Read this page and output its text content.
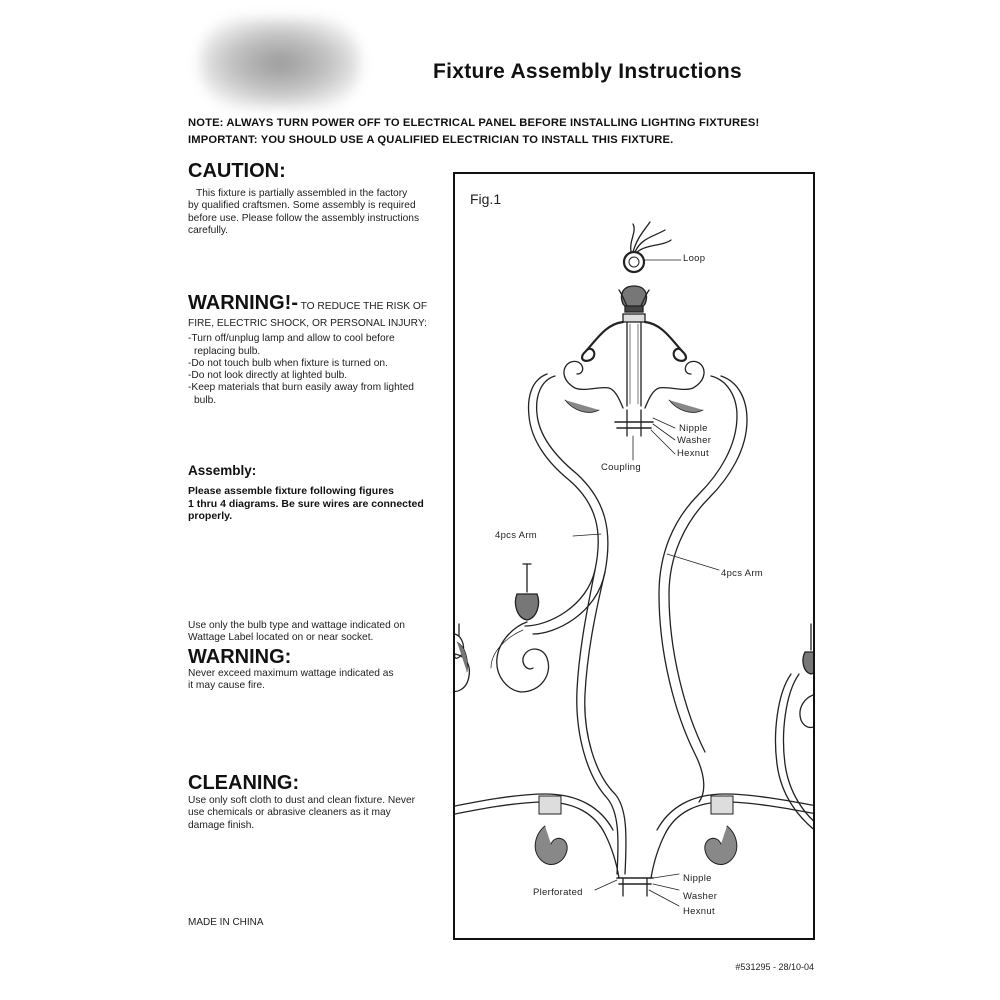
Fixture Assembly Instructions
NOTE: ALWAYS TURN POWER OFF TO ELECTRICAL PANEL BEFORE INSTALLING LIGHTING FIXTURES!
IMPORTANT: YOU SHOULD USE A QUALIFIED ELECTRICIAN TO INSTALL THIS FIXTURE.
CAUTION:
This fixture is partially assembled in the factory
by qualified craftsmen. Some assembly is required
before use. Please follow the assembly instructions
carefully.
WARNING!- TO REDUCE THE RISK OF
FIRE, ELECTRIC SHOCK, OR PERSONAL INJURY:
-Turn off/unplug lamp and allow to cool before
replacing bulb.
-Do not touch bulb when fixture is turned on.
-Do not look directly at lighted bulb.
-Keep materials that burn easily away from lighted
bulb.
Assembly:
Please assemble fixture following figures
1 thru 4 diagrams. Be sure wires are connected
properly.
Use only the bulb type and wattage indicated on
Wattage Label located on or near socket.
WARNING:
Never exceed maximum wattage indicated as
it may cause fire.
CLEANING:
Use only soft cloth to dust and clean fixture. Never
use chemicals or abrasive cleaners as it may
damage finish.
MADE IN CHINA
#531295 - 28/10-04
Fig.1
Loop
Nipple
Washer
Hexnut
Coupling
4pcs Arm
4pcs Arm
Plerforated
Nipple
Washer
Hexnut
